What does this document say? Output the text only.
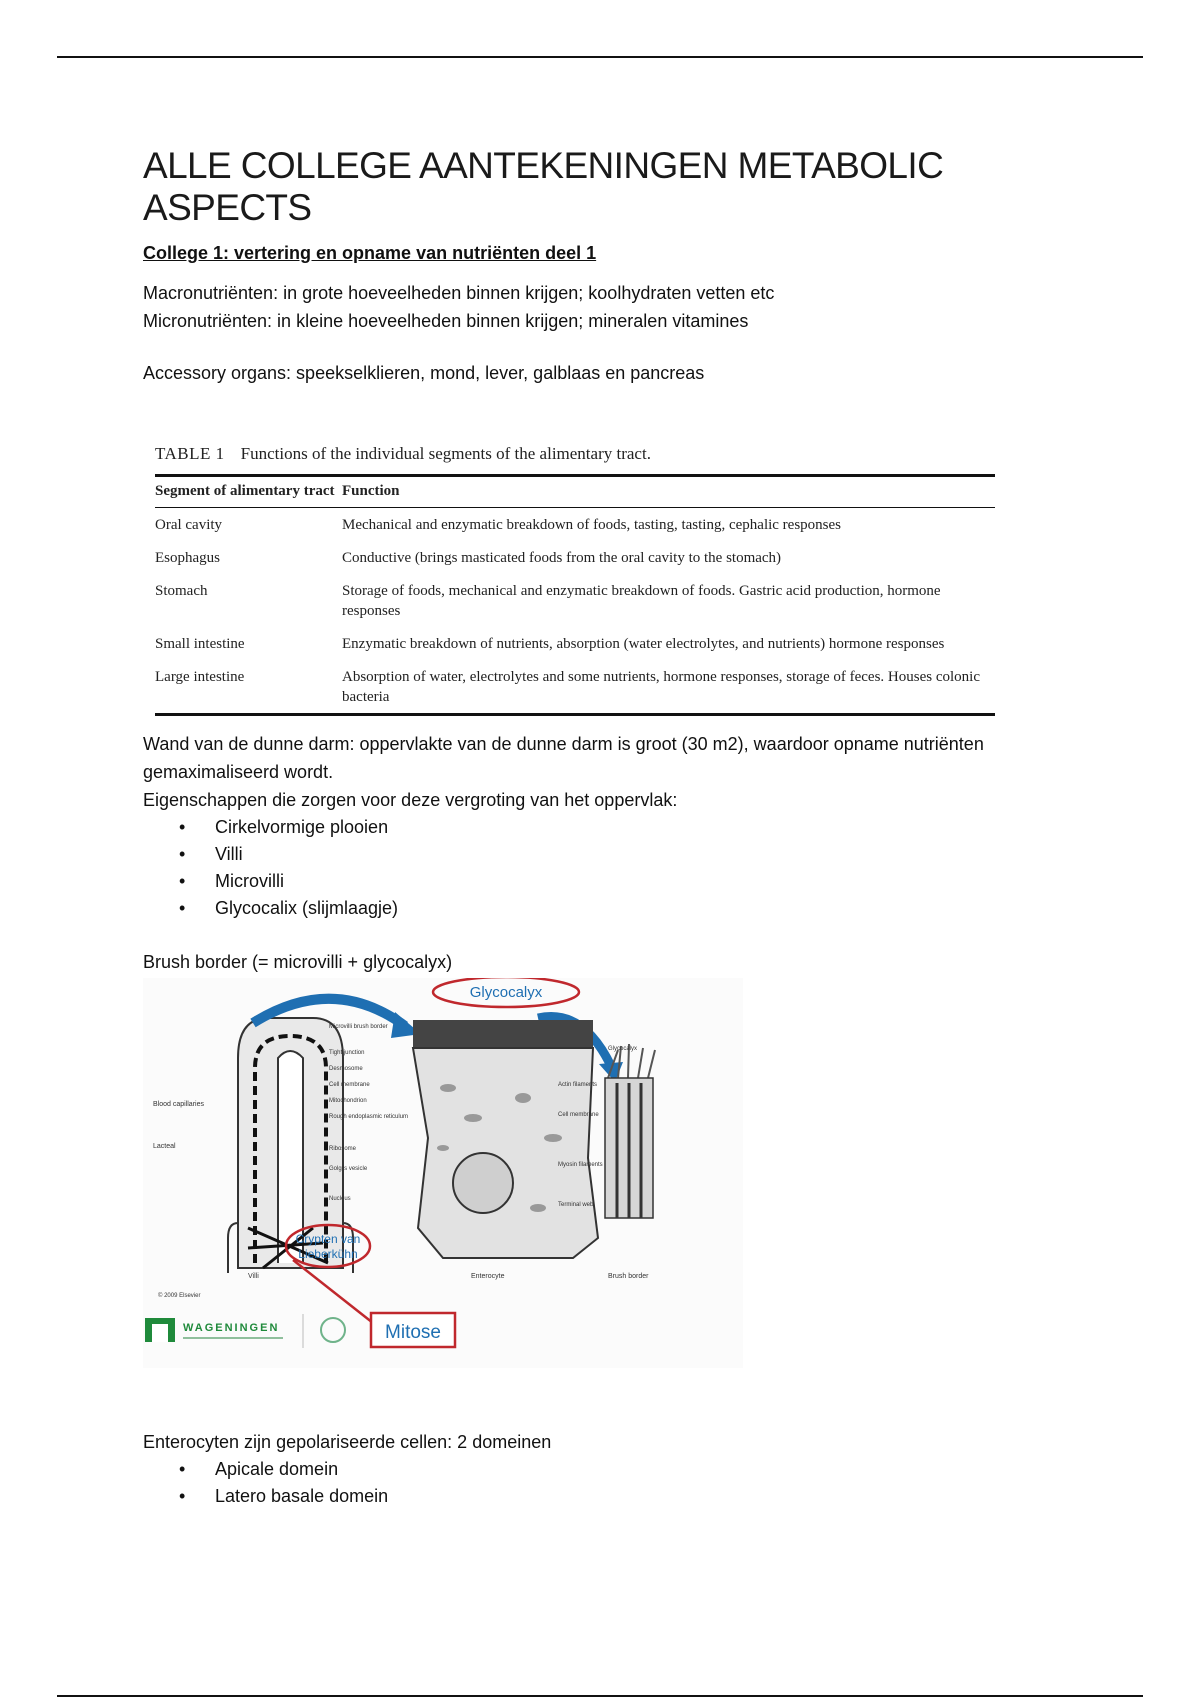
ALLE COLLEGE AANTEKENINGEN METABOLIC ASPECTS
College 1: vertering en opname van nutriënten deel 1

Macronutriënten: in grote hoeveelheden binnen krijgen; koolhydraten vetten etc

Micronutriënten: in kleine hoeveelheden binnen krijgen; mineralen vitamines

Accessory organs: speekselklieren, mond, lever, galblaas en pancreas

TABLE 1 Functions of the individual segments of the alimentary tract.
Segment of alimentary tract	Function
Oral cavity	Mechanical and enzymatic breakdown of foods, tasting, tasting, cephalic responses
Esophagus	Conductive (brings masticated foods from the oral cavity to the stomach)
Stomach	Storage of foods, mechanical and enzymatic breakdown of foods. Gastric acid production, hormone responses
Small intestine	Enzymatic breakdown of nutrients, absorption (water electrolytes, and nutrients) hormone responses
Large intestine	Absorption of water, electrolytes and some nutrients, hormone responses, storage of feces. Houses colonic bacteria

Wand van de dunne darm: oppervlakte van de dunne darm is groot (30 m2), waardoor opname nutriënten gemaximaliseerd wordt.

Eigenschappen die zorgen voor deze vergroting van het oppervlak:

• Cirkelvormige plooien
• Villi
• Microvilli
• Glycocalix (slijmlaagje)

Brush border (= microvilli + glycocalyx)

Blood capillaries
Lacteal
Villi
© 2009 Elsevier
Microvilli brush border
Tight junction
Desmosome
Cell membrane
Mitochondrion
Rough endoplasmic reticulum
Ribosome
Golgi's vesicle
Nucleus
Enterocyte
Glycocalyx
Actin filaments
Cell membrane
Myosin filaments
Terminal web
Brush border
Glycocalyx
Crypten van
Lieberkühn
Mitose
WAGENINGEN

Enterocyten zijn gepolariseerde cellen: 2 domeinen

• Apicale domein
• Latero basale domein
